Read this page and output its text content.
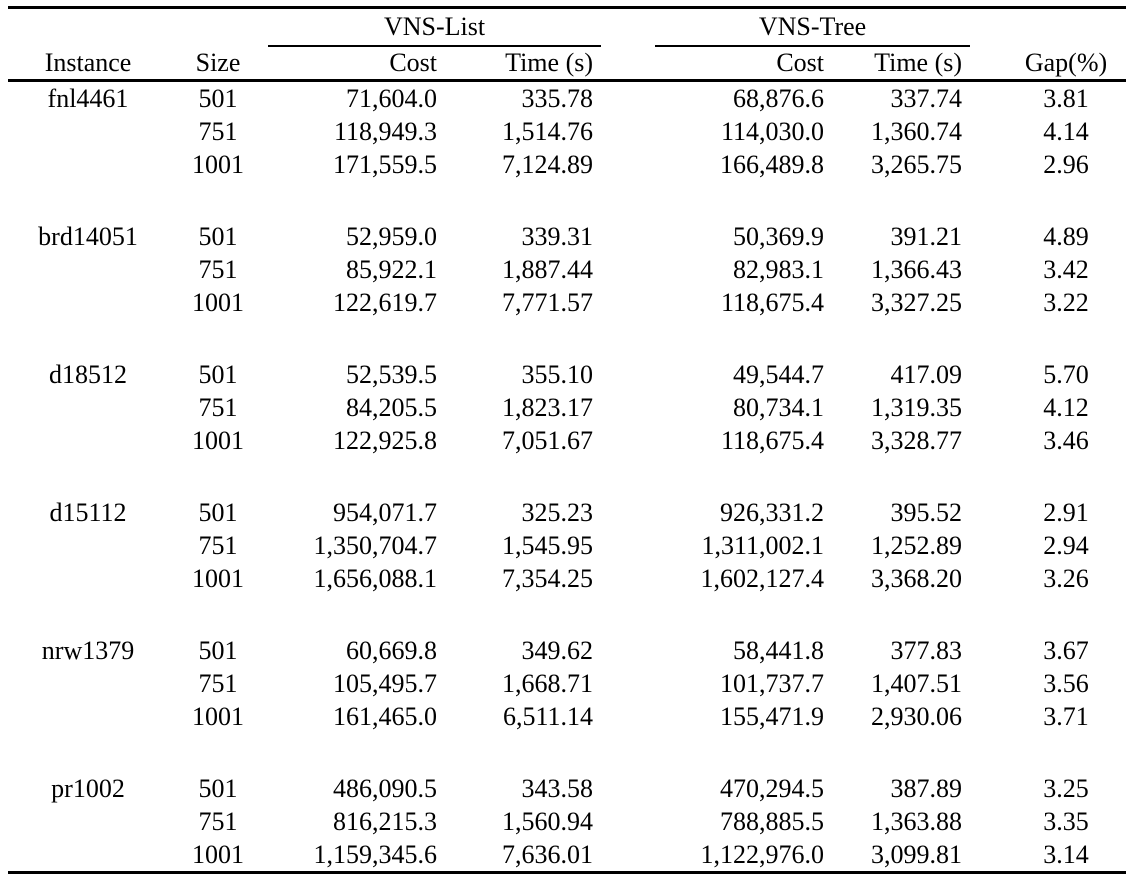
		VNS-List			VNS-Tree		
Instance	Size	Cost	Time (s)		Cost	Time (s)	Gap(%)
fnl4461	501	71,604.0	335.78		68,876.6	337.74	3.81
	751	118,949.3	1,514.76		114,030.0	1,360.74	4.14
	1001	171,559.5	7,124.89		166,489.8	3,265.75	2.96

brd14051	501	52,959.0	339.31		50,369.9	391.21	4.89
	751	85,922.1	1,887.44		82,983.1	1,366.43	3.42
	1001	122,619.7	7,771.57		118,675.4	3,327.25	3.22

d18512	501	52,539.5	355.10		49,544.7	417.09	5.70
	751	84,205.5	1,823.17		80,734.1	1,319.35	4.12
	1001	122,925.8	7,051.67		118,675.4	3,328.77	3.46

d15112	501	954,071.7	325.23		926,331.2	395.52	2.91
	751	1,350,704.7	1,545.95		1,311,002.1	1,252.89	2.94
	1001	1,656,088.1	7,354.25		1,602,127.4	3,368.20	3.26

nrw1379	501	60,669.8	349.62		58,441.8	377.83	3.67
	751	105,495.7	1,668.71		101,737.7	1,407.51	3.56
	1001	161,465.0	6,511.14		155,471.9	2,930.06	3.71

pr1002	501	486,090.5	343.58		470,294.5	387.89	3.25
	751	816,215.3	1,560.94		788,885.5	1,363.88	3.35
	1001	1,159,345.6	7,636.01		1,122,976.0	3,099.81	3.14
